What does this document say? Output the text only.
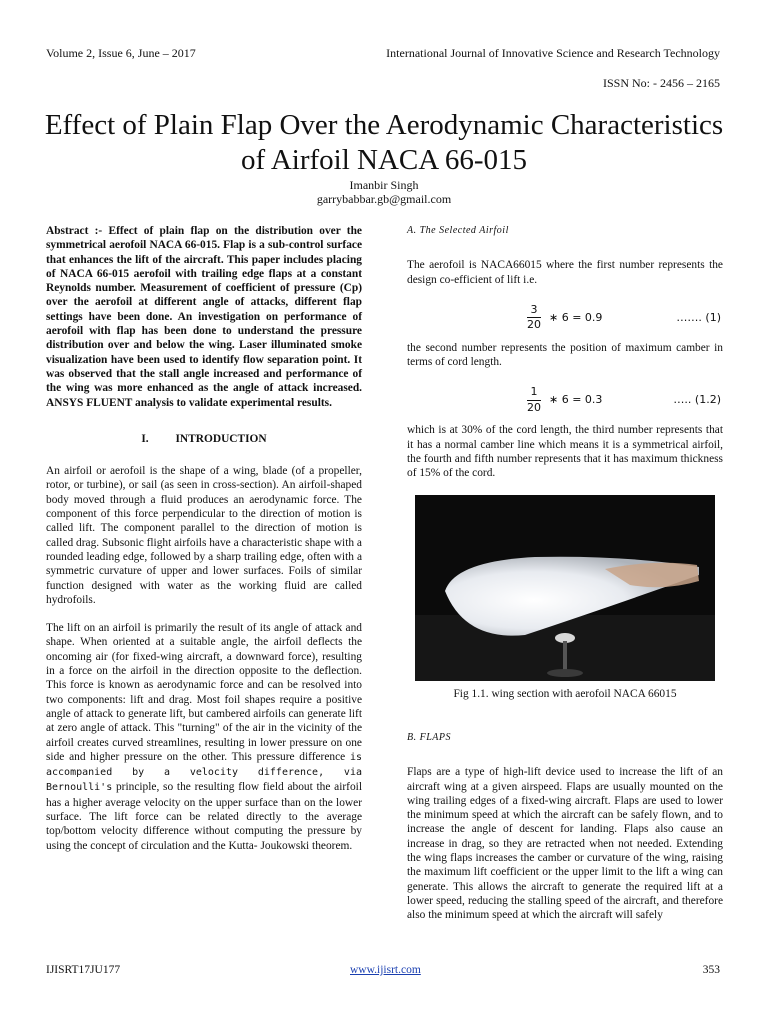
Volume 2, Issue 6, June – 2017	International Journal of Innovative Science and Research Technology
ISSN No: - 2456 – 2165
Effect of Plain Flap Over the Aerodynamic Characteristics of Airfoil NACA 66-015
Imanbir Singh
garrybabbar.gb@gmail.com

Abstract :- Effect of plain flap on the distribution over the symmetrical aerofoil NACA 66-015. Flap is a sub-control surface that enhances the lift of the aircraft. This paper includes placing of NACA 66-015 aerofoil with trailing edge flaps at a constant Reynolds number. Measurement of coefficient of pressure (Cp) over the aerofoil at different angle of attacks, different flap settings have been done. An investigation on performance of aerofoil with flap has been done to understand the pressure distribution over and below the wing. Laser illuminated smoke visualization have been used to identify flow separation point. It was observed that the stall angle increased and performance of the wing was more enhanced as the angle of attack increased. ANSYS FLUENT analysis to validate experimental results.

I. INTRODUCTION

An airfoil or aerofoil is the shape of a wing, blade (of a propeller, rotor, or turbine), or sail (as seen in cross-section). An airfoil-shaped body moved through a fluid produces an aerodynamic force. The component of this force perpendicular to the direction of motion is called lift. The component parallel to the direction of motion is called drag. Subsonic flight airfoils have a characteristic shape with a rounded leading edge, followed by a sharp trailing edge, often with a symmetric curvature of upper and lower surfaces. Foils of similar function designed with water as the working fluid are called hydrofoils.

The lift on an airfoil is primarily the result of its angle of attack and shape. When oriented at a suitable angle, the airfoil deflects the oncoming air (for fixed-wing aircraft, a downward force), resulting in a force on the airfoil in the direction opposite to the deflection. This force is known as aerodynamic force and can be resolved into two components: lift and drag. Most foil shapes require a positive angle of attack to generate lift, but cambered airfoils can generate lift at zero angle of attack. This "turning" of the air in the vicinity of the airfoil creates curved streamlines, resulting in lower pressure on one side and higher pressure on the other. This pressure difference is accompanied by a velocity difference, via Bernoulli's principle, so the resulting flow field about the airfoil has a higher average velocity on the upper surface than on the lower surface. The lift force can be related directly to the average top/bottom velocity difference without computing the pressure by using the concept of circulation and the Kutta- Joukowski theorem.

A. The Selected Airfoil

The aerofoil is NACA66015 where the first number represents the design co-efficient of lift i.e.

$\frac{3}{20}$ ∗ 6 = 0.9	……. (1)

the second number represents the position of maximum camber in terms of cord length.

$\frac{1}{20}$ ∗ 6 = 0.3	….. (1.2)

which is at 30% of the cord length, the third number represents that it has a normal camber line which means it is a symmetrical airfoil, the fourth and fifth number represents that it has maximum thickness of 15% of the cord.

Fig 1.1. wing section with aerofoil NACA 66015
B. FLAPS

Flaps are a type of high-lift device used to increase the lift of an aircraft wing at a given airspeed. Flaps are usually mounted on the wing trailing edges of a fixed-wing aircraft. Flaps are used to lower the minimum speed at which the aircraft can be safely flown, and to increase the angle of descent for landing. Flaps also cause an increase in drag, so they are retracted when not needed. Extending the wing flaps increases the camber or curvature of the wing, raising the maximum lift coefficient or the upper limit to the lift a wing can generate. This allows the aircraft to generate the required lift at a lower speed, reducing the stalling speed of the aircraft, and therefore also the minimum speed at which the aircraft will safely

IJISRT17JU177	www.ijisrt.com	353
